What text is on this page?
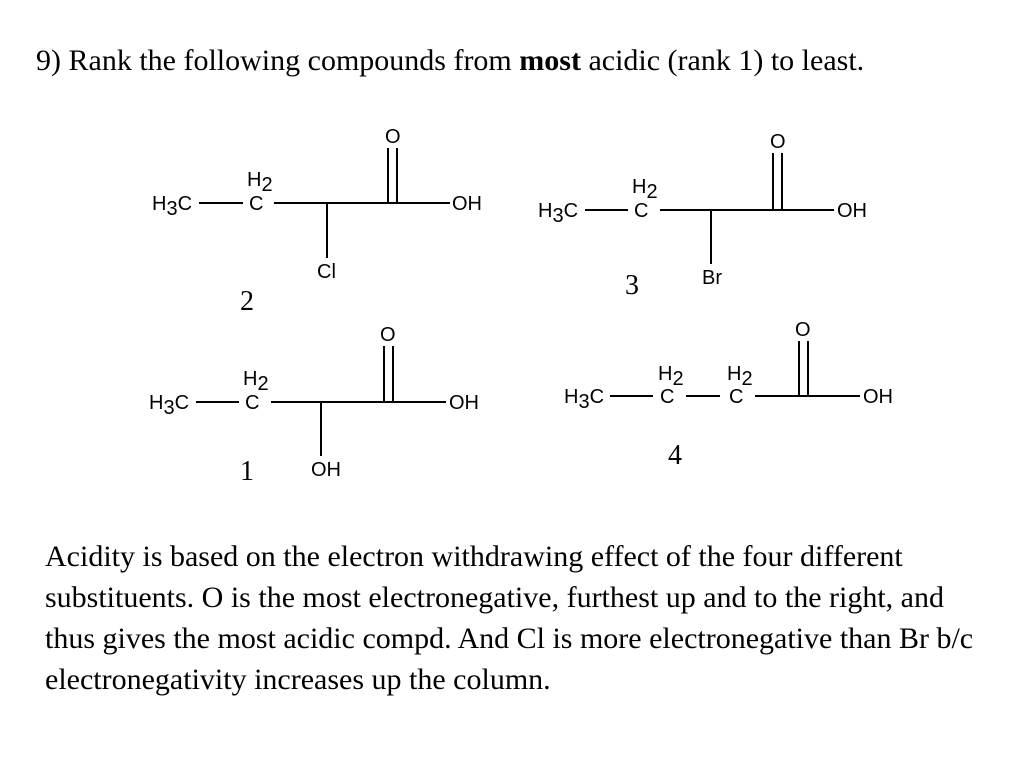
9) Rank the following compounds from most acidic (rank 1) to least.

H3C
H2
C
Cl
O
OH
2
H3C
H2
C
Br
O
OH
3
H3C
H2
C
OH
O
OH
1
H3C
H2
C
H2
C
O
OH
4

Acidity is based on the electron withdrawing effect of the four different substituents. O is the most electronegative, furthest up and to the right, and thus gives the most acidic compd. And Cl is more electronegative than Br b/c electronegativity increases up the column.
